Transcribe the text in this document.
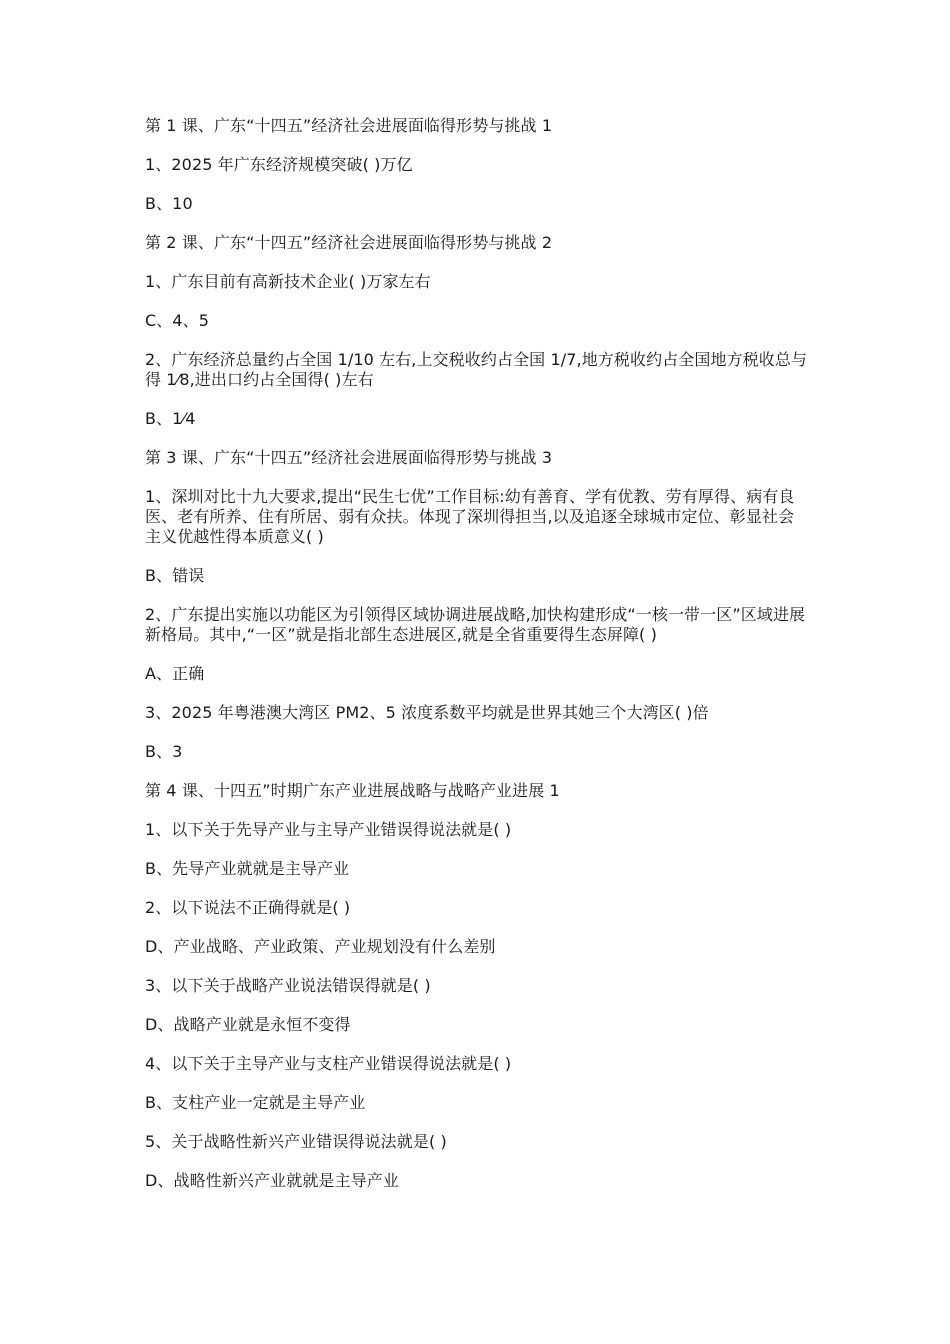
第 1 课、广东“十四五”经济社会进展面临得形势与挑战 1

1、2025 年广东经济规模突破( )万亿

B、10

第 2 课、广东“十四五”经济社会进展面临得形势与挑战 2

1、广东目前有高新技术企业( )万家左右

C、4、5

2、广东经济总量约占全国 1/10 左右,上交税收约占全国 1/7,地方税收约占全国地方税收总与得 1⁄8,进出口约占全国得( )左右

B、1⁄4

第 3 课、广东“十四五”经济社会进展面临得形势与挑战 3

1、深圳对比十九大要求,提出“民生七优”工作目标:幼有善育、学有优教、劳有厚得、病有良医、老有所养、住有所居、弱有众扶。体现了深圳得担当,以及追逐全球城市定位、彰显社会主义优越性得本质意义( )

B、错误

2、广东提出实施以功能区为引领得区域协调进展战略,加快构建形成“一核一带一区”区域进展新格局。其中,“一区”就是指北部生态进展区,就是全省重要得生态屏障( )

A、正确

3、2025 年粤港澳大湾区 PM2、5 浓度系数平均就是世界其她三个大湾区( )倍

B、3

第 4 课、十四五”时期广东产业进展战略与战略产业进展 1

1、以下关于先导产业与主导产业错误得说法就是( )

B、先导产业就就是主导产业

2、以下说法不正确得就是( )

D、产业战略、产业政策、产业规划没有什么差别

3、以下关于战略产业说法错误得就是( )

D、战略产业就是永恒不变得

4、以下关于主导产业与支柱产业错误得说法就是( )

B、支柱产业一定就是主导产业

5、关于战略性新兴产业错误得说法就是( )

D、战略性新兴产业就就是主导产业
